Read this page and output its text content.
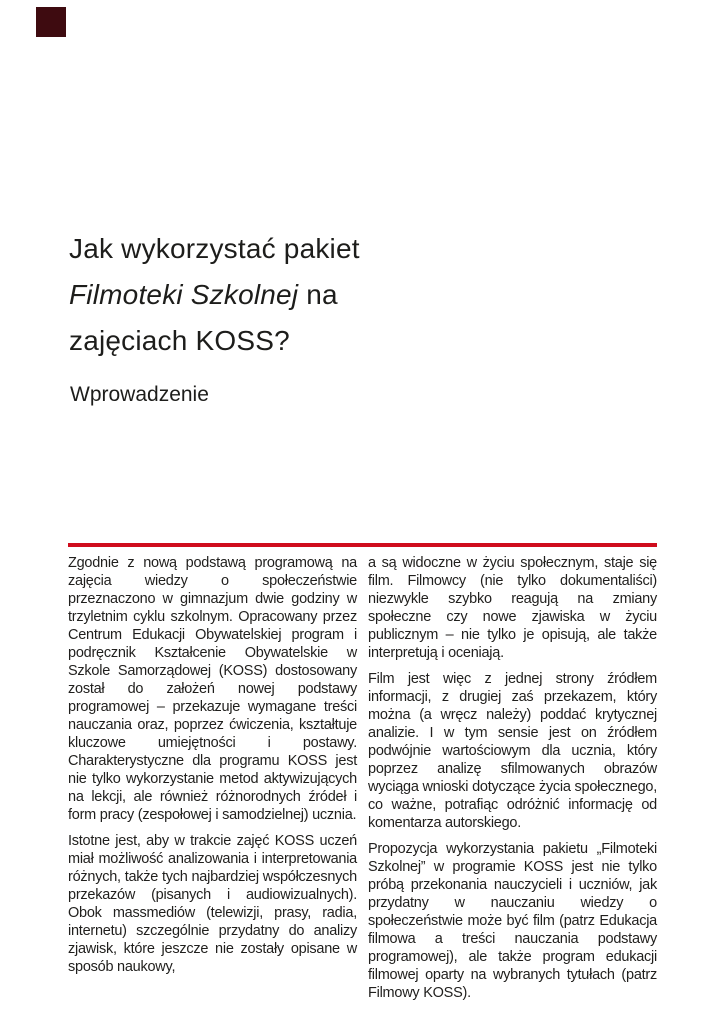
Jak wykorzystać pakiet
Filmoteki Szkolnej na
zajęciach KOSS?
Wprowadzenie

Zgodnie z nową podstawą programową na zajęcia wiedzy o społeczeństwie przeznaczono w gimnazjum dwie godziny w trzyletnim cyklu szkolnym. Opracowany przez Centrum Edukacji Obywatelskiej program i podręcznik Kształcenie Obywatelskie w Szkole Samorządowej (KOSS) dostosowany został do założeń nowej podstawy programowej – przekazuje wymagane treści nauczania oraz, poprzez ćwiczenia, kształtuje kluczowe umiejętności i postawy. Charakterystyczne dla programu KOSS jest nie tylko wykorzystanie metod aktywizujących na lekcji, ale również różnorodnych źródeł i form pracy (zespołowej i samodzielnej) ucznia.

Istotne jest, aby w trakcie zajęć KOSS uczeń miał możliwość analizowania i interpretowania różnych, także tych najbardziej współczesnych przekazów (pisanych i audiowizualnych). Obok massmediów (telewizji, prasy, radia, internetu) szczególnie przydatny do analizy zjawisk, które jeszcze nie zostały opisane w sposób naukowy,

a są widoczne w życiu społecznym, staje się film. Filmowcy (nie tylko dokumentaliści) niezwykle szybko reagują na zmiany społeczne czy nowe zjawiska w życiu publicznym – nie tylko je opisują, ale także interpretują i oceniają.

Film jest więc z jednej strony źródłem informacji, z drugiej zaś przekazem, który można (a wręcz należy) poddać krytycznej analizie. I w tym sensie jest on źródłem podwójnie wartościowym dla ucznia, który poprzez analizę sfilmowanych obrazów wyciąga wnioski dotyczące życia społecznego, co ważne, potrafiąc odróżnić informację od komentarza autorskiego.

Propozycja wykorzystania pakietu „Filmoteki Szkolnej” w programie KOSS jest nie tylko próbą przekonania nauczycieli i uczniów, jak przydatny w nauczaniu wiedzy o społeczeństwie może być film (patrz Edukacja filmowa a treści nauczania podstawy programowej), ale także program edukacji filmowej oparty na wybranych tytułach (patrz Filmowy KOSS).
